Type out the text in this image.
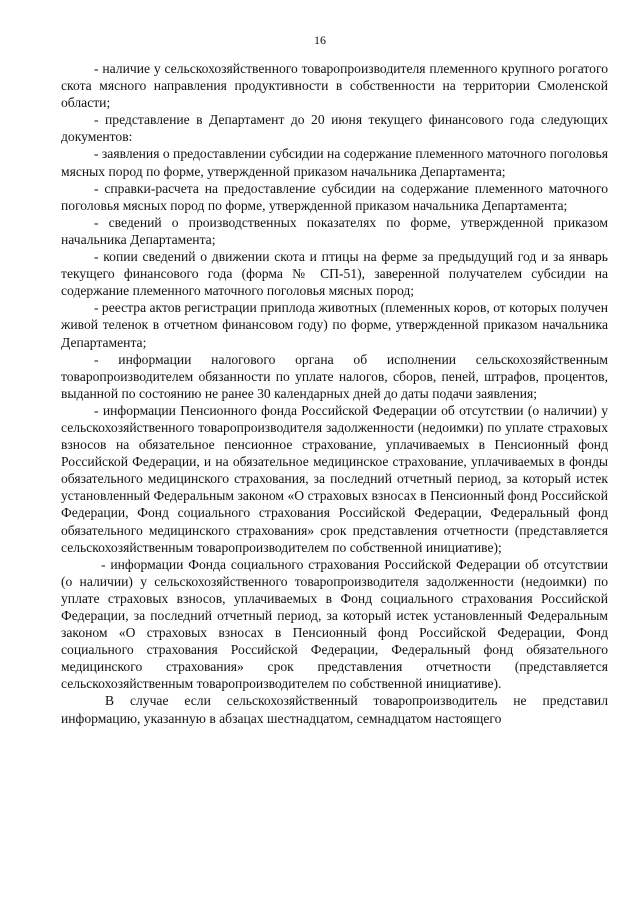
16

- наличие у сельскохозяйственного товаропроизводителя племенного крупного рогатого скота мясного направления продуктивности в собственности на территории Смоленской области;

- представление в Департамент до 20 июня текущего финансового года следующих документов:

- заявления о предоставлении субсидии на содержание племенного маточного поголовья мясных пород по форме, утвержденной приказом начальника Департамента;

- справки-расчета на предоставление субсидии на содержание племенного маточного поголовья мясных пород по форме, утвержденной приказом начальника Департамента;

- сведений о производственных показателях по форме, утвержденной приказом начальника Департамента;

- копии сведений о движении скота и птицы на ферме за предыдущий год и за январь текущего финансового года (форма № СП-51), заверенной получателем субсидии на содержание племенного маточного поголовья мясных пород;

- реестра актов регистрации приплода животных (племенных коров, от которых получен живой теленок в отчетном финансовом году) по форме, утвержденной приказом начальника Департамента;

- информации налогового органа об исполнении сельскохозяйственным товаропроизводителем обязанности по уплате налогов, сборов, пеней, штрафов, процентов, выданной по состоянию не ранее 30 календарных дней до даты подачи заявления;

- информации Пенсионного фонда Российской Федерации об отсутствии (о наличии) у сельскохозяйственного товаропроизводителя задолженности (недоимки) по уплате страховых взносов на обязательное пенсионное страхование, уплачиваемых в Пенсионный фонд Российской Федерации, и на обязательное медицинское страхование, уплачиваемых в фонды обязательного медицинского страхования, за последний отчетный период, за который истек установленный Федеральным законом «О страховых взносах в Пенсионный фонд Российской Федерации, Фонд социального страхования Российской Федерации, Федеральный фонд обязательного медицинского страхования» срок представления отчетности (представляется сельскохозяйственным товаропроизводителем по собственной инициативе);

- информации Фонда социального страхования Российской Федерации об отсутствии (о наличии) у сельскохозяйственного товаропроизводителя задолженности (недоимки) по уплате страховых взносов, уплачиваемых в Фонд социального страхования Российской Федерации, за последний отчетный период, за который истек установленный Федеральным законом «О страховых взносах в Пенсионный фонд Российской Федерации, Фонд социального страхования Российской Федерации, Федеральный фонд обязательного медицинского страхования» срок представления отчетности (представляется сельскохозяйственным товаропроизводителем по собственной инициативе).

В случае если сельскохозяйственный товаропроизводитель не представил информацию, указанную в абзацах шестнадцатом, семнадцатом настоящего
